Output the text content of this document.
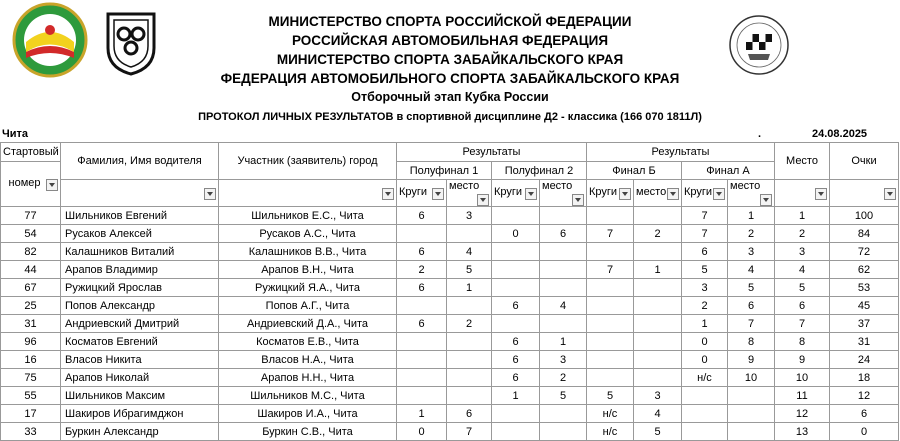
МИНИСТЕРСТВО СПОРТА РОССИЙСКОЙ ФЕДЕРАЦИИ
РОССИЙСКАЯ АВТОМОБИЛЬНАЯ ФЕДЕРАЦИЯ
МИНИСТЕРСТВО СПОРТА ЗАБАЙКАЛЬСКОГО КРАЯ
ФЕДЕРАЦИЯ АВТОМОБИЛЬНОГО СПОРТА ЗАБАЙКАЛЬСКОГО КРАЯ
Отборочный этап Кубка России
ПРОТОКОЛ ЛИЧНЫХ РЕЗУЛЬТАТОВ в спортивной дисциплине Д2 - классика (166 070 1811Л)
Чита	.	24.08.2025
Стартовый	Фамилия, Имя водителя	Участник (заявитель) город	Результаты				Результаты				Место	Очки
номер			Полуфинал 1		Полуфинал 2		Финал Б		Финал А			

		Круги	место	Круги	место	Круги	место	Круги	место

77	Шильников Евгений	Шильников Е.С., Чита	6	3					7	1	1	100
54	Русаков Алексей	Русаков А.С., Чита			0	6	7	2	7	2	2	84
82	Калашников Виталий	Калашников В.В., Чита	6	4					6	3	3	72
44	Арапов Владимир	Арапов В.Н., Чита	2	5			7	1	5	4	4	62
67	Ружицкий Ярослав	Ружицкий Я.А., Чита	6	1					3	5	5	53
25	Попов Александр	Попов А.Г., Чита			6	4			2	6	6	45
31	Андриевский Дмитрий	Андриевский Д.А., Чита	6	2					1	7	7	37
96	Косматов Евгений	Косматов Е.В., Чита			6	1			0	8	8	31
16	Власов Никита	Власов Н.А., Чита			6	3			0	9	9	24
75	Арапов Николай	Арапов Н.Н., Чита			6	2			н/с	10	10	18
55	Шильников Максим	Шильников М.С., Чита			1	5	5	3			11	12
17	Шакиров Ибрагимджон	Шакиров И.А., Чита	1	6			н/с	4			12	6
33	Буркин Александр	Буркин С.В., Чита	0	7			н/с	5			13	0
